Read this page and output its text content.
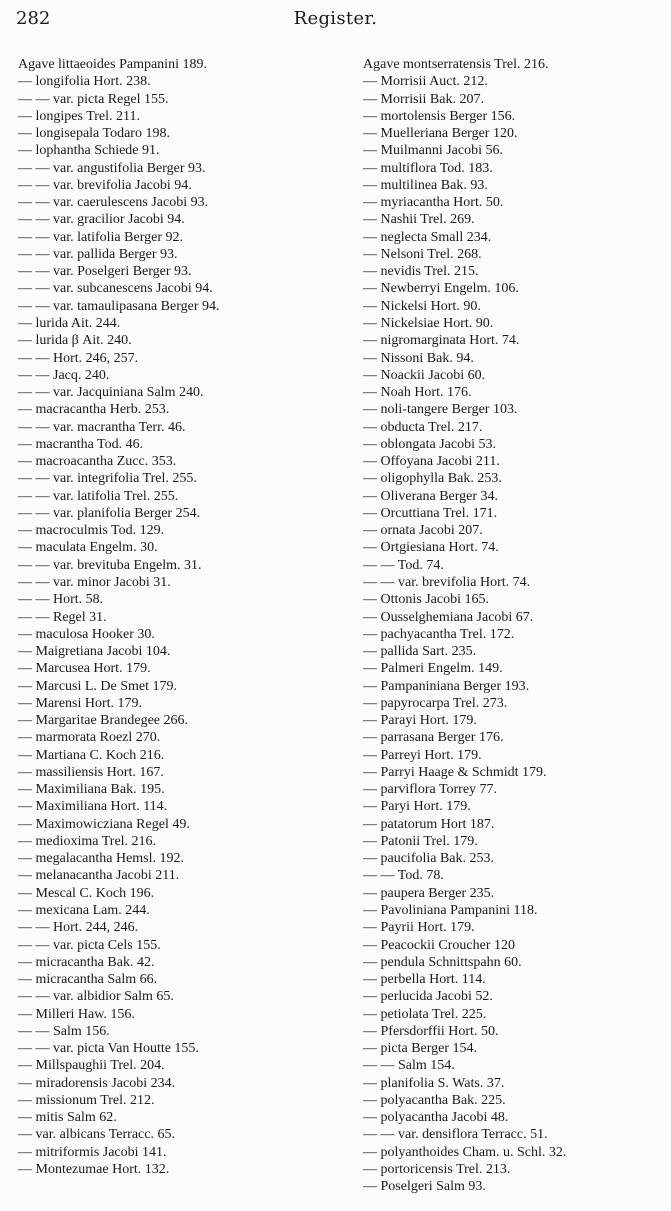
282	Register.
Agave littaeoides Pampanini 189.
— longifolia Hort. 238.
— — var. picta Regel 155.
— longipes Trel. 211.
— longisepala Todaro 198.
— lophantha Schiede 91.
— — var. angustifolia Berger 93.
— — var. brevifolia Jacobi 94.
— — var. caerulescens Jacobi 93.
— — var. gracilior Jacobi 94.
— — var. latifolia Berger 92.
— — var. pallida Berger 93.
— — var. Poselgeri Berger 93.
— — var. subcanescens Jacobi 94.
— — var. tamaulipasana Berger 94.
— lurida Ait. 244.
— lurida β Ait. 240.
— — Hort. 246, 257.
— — Jacq. 240.
— — var. Jacquiniana Salm 240.
— macracantha Herb. 253.
— — var. macrantha Terr. 46.
— macrantha Tod. 46.
— macroacantha Zucc. 353.
— — var. integrifolia Trel. 255.
— — var. latifolia Trel. 255.
— — var. planifolia Berger 254.
— macroculmis Tod. 129.
— maculata Engelm. 30.
— — var. brevituba Engelm. 31.
— — var. minor Jacobi 31.
— — Hort. 58.
— — Regel 31.
— maculosa Hooker 30.
— Maigretiana Jacobi 104.
— Marcusea Hort. 179.
— Marcusi L. De Smet 179.
— Marensi Hort. 179.
— Margaritae Brandegee 266.
— marmorata Roezl 270.
— Martiana C. Koch 216.
— massiliensis Hort. 167.
— Maximiliana Bak. 195.
— Maximiliana Hort. 114.
— Maximowicziana Regel 49.
— medioxima Trel. 216.
— megalacantha Hemsl. 192.
— melanacantha Jacobi 211.
— Mescal C. Koch 196.
— mexicana Lam. 244.
— — Hort. 244, 246.
— — var. picta Cels 155.
— micracantha Bak. 42.
— micracantha Salm 66.
— — var. albidior Salm 65.
— Milleri Haw. 156.
— — Salm 156.
— — var. picta Van Houtte 155.
— Millspaughii Trel. 204.
— miradorensis Jacobi 234.
— missionum Trel. 212.
— mitis Salm 62.
— var. albicans Terracc. 65.
— mitriformis Jacobi 141.
— Montezumae Hort. 132.
Agave montserratensis Trel. 216.
— Morrisii Auct. 212.
— Morrisii Bak. 207.
— mortolensis Berger 156.
— Muelleriana Berger 120.
— Muilmanni Jacobi 56.
— multiflora Tod. 183.
— multilinea Bak. 93.
— myriacantha Hort. 50.
— Nashii Trel. 269.
— neglecta Small 234.
— Nelsoni Trel. 268.
— nevidis Trel. 215.
— Newberryi Engelm. 106.
— Nickelsi Hort. 90.
— Nickelsiae Hort. 90.
— nigromarginata Hort. 74.
— Nissoni Bak. 94.
— Noackii Jacobi 60.
— Noah Hort. 176.
— noli-tangere Berger 103.
— obducta Trel. 217.
— oblongata Jacobi 53.
— Offoyana Jacobi 211.
— oligophylla Bak. 253.
— Oliverana Berger 34.
— Orcuttiana Trel. 171.
— ornata Jacobi 207.
— Ortgiesiana Hort. 74.
— — Tod. 74.
— — var. brevifolia Hort. 74.
— Ottonis Jacobi 165.
— Ousselghemiana Jacobi 67.
— pachyacantha Trel. 172.
— pallida Sart. 235.
— Palmeri Engelm. 149.
— Pampaniniana Berger 193.
— papyrocarpa Trel. 273.
— Parayi Hort. 179.
— parrasana Berger 176.
— Parreyi Hort. 179.
— Parryi Haage & Schmidt 179.
— parviflora Torrey 77.
— Paryi Hort. 179.
— patatorum Hort 187.
— Patonii Trel. 179.
— paucifolia Bak. 253.
— — Tod. 78.
— paupera Berger 235.
— Pavoliniana Pampanini 118.
— Payrii Hort. 179.
— Peacockii Croucher 120
— pendula Schnittspahn 60.
— perbella Hort. 114.
— perlucida Jacobi 52.
— petiolata Trel. 225.
— Pfersdorffii Hort. 50.
— picta Berger 154.
— — Salm 154.
— planifolia S. Wats. 37.
— polyacantha Bak. 225.
— polyacantha Jacobi 48.
— — var. densiflora Terracc. 51.
— polyanthoides Cham. u. Schl. 32.
— portoricensis Trel. 213.
— Poselgeri Salm 93.
